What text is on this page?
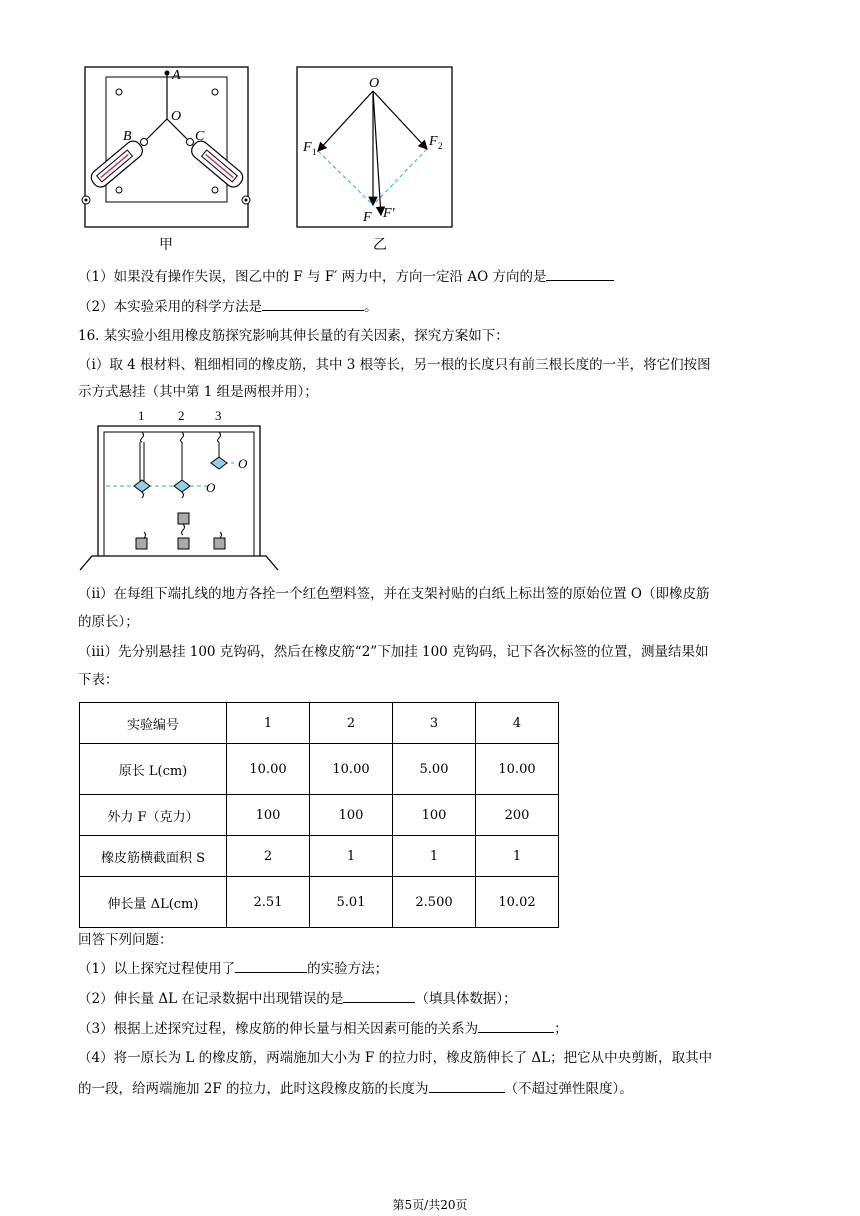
A
O
B	C
甲
O
F 1
F 2
F F′
乙
（1）如果没有操作失误，图乙中的 F 与 F′ 两力中，方向一定沿 AO 方向的是
（2）本实验采用的科学方法是	。
16. 某实验小组用橡皮筋探究影响其伸长量的有关因素，探究方案如下：
（i）取 4 根材料、粗细相同的橡皮筋，其中 3 根等长，另一根的长度只有前三根长度的一半，将它们按图
示方式悬挂（其中第 1 组是两根并用）；
1	2 3
O
O
（ii）在每组下端扎线的地方各拴一个红色塑料签，并在支架衬贴的白纸上标出签的原始位置 O（即橡皮筋
的原长）；
（iii）先分别悬挂 100 克钩码，然后在橡皮筋“2”下加挂 100 克钩码，记下各次标签的位置，测量结果如
下表：
实验编号	1	2	3	4
原长 L(cm)	10.00	10.00	5.00	10.00
外力 F（克力）	100	100	100	200
橡皮筋横截面积 S	2	1	1	1
伸长量 ΔL(cm)	2.51	5.01	2.500	10.02
回答下列问题：
（1）以上探究过程使用了	的实验方法；
（2）伸长量 ΔL 在记录数据中出现错误的是	（填具体数据）；
（3）根据上述探究过程，橡皮筋的伸长量与相关因素可能的关系为	；
（4）将一原长为 L 的橡皮筋，两端施加大小为 F 的拉力时，橡皮筋伸长了 ΔL；把它从中央剪断，取其中
的一段，给两端施加 2F 的拉力，此时这段橡皮筋的长度为	（不超过弹性限度）。
第5页/共20页
